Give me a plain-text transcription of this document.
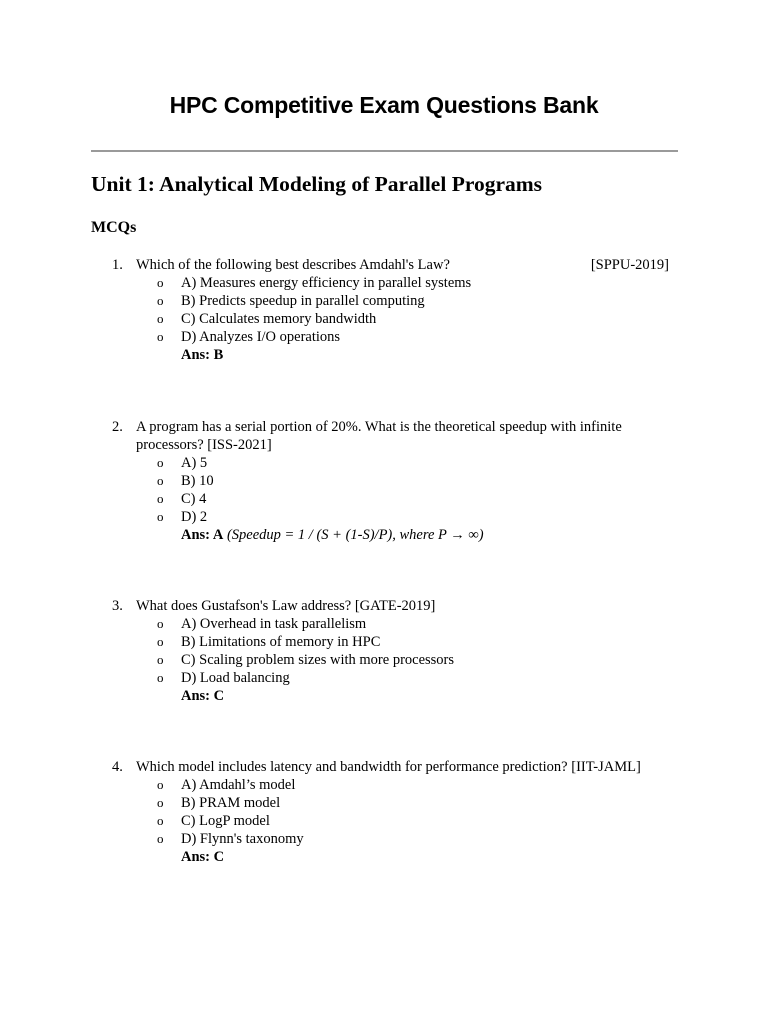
HPC Competitive Exam Questions Bank
Unit 1: Analytical Modeling of Parallel Programs
MCQs
1. Which of the following best describes Amdahl's Law?	[SPPU-2019]
o A) Measures energy efficiency in parallel systems
o B) Predicts speedup in parallel computing
o C) Calculates memory bandwidth
o D) Analyzes I/O operations
Ans: B
2. A program has a serial portion of 20%. What is the theoretical speedup with infinite processors? [ISS-2021]
o A) 5
o B) 10
o C) 4
o D) 2
Ans: A (Speedup = 1 / (S + (1-S)/P), where P → ∞)
3. What does Gustafson's Law address? [GATE-2019]
o A) Overhead in task parallelism
o B) Limitations of memory in HPC
o C) Scaling problem sizes with more processors
o D) Load balancing
Ans: C
4. Which model includes latency and bandwidth for performance prediction? [IIT-JAML]
o A) Amdahl’s model
o B) PRAM model
o C) LogP model
o D) Flynn's taxonomy
Ans: C
